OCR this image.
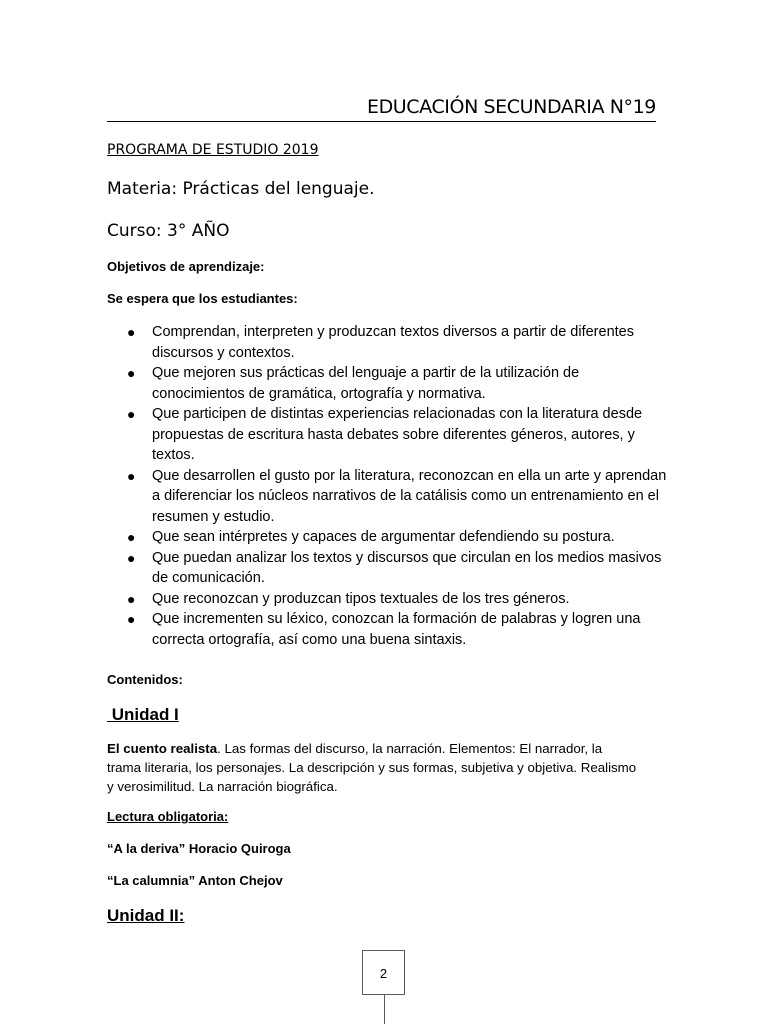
EDUCACIÓN SECUNDARIA N°19
PROGRAMA DE ESTUDIO 2019
Materia: Prácticas del lenguaje.
Curso: 3° AÑO
Objetivos de aprendizaje:
Se espera que los estudiantes:
● Comprendan, interpreten y produzcan textos diversos a partir de diferentes discursos y contextos.
● Que mejoren sus prácticas del lenguaje a partir de la utilización de conocimientos de gramática, ortografía y normativa.
● Que participen de distintas experiencias relacionadas con la literatura desde propuestas de escritura hasta debates sobre diferentes géneros, autores, y textos.
● Que desarrollen el gusto por la literatura, reconozcan en ella un arte y aprendan a diferenciar los núcleos narrativos de la catálisis como un entrenamiento en el resumen y estudio.
● Que sean intérpretes y capaces de argumentar defendiendo su postura.
● Que puedan analizar los textos y discursos que circulan en los medios masivos de comunicación.
● Que reconozcan y produzcan tipos textuales de los tres géneros.
● Que incrementen su léxico, conozcan la formación de palabras y logren una correcta ortografía, así como una buena sintaxis.
Contenidos:
Unidad I

El cuento realista. Las formas del discurso, la narración. Elementos: El narrador, la trama literaria, los personajes. La descripción y sus formas, subjetiva y objetiva. Realismo y verosimilitud. La narración biográfica.

Lectura obligatoria:
“A la deriva” Horacio Quiroga
“La calumnia” Anton Chejov
Unidad II:
2
